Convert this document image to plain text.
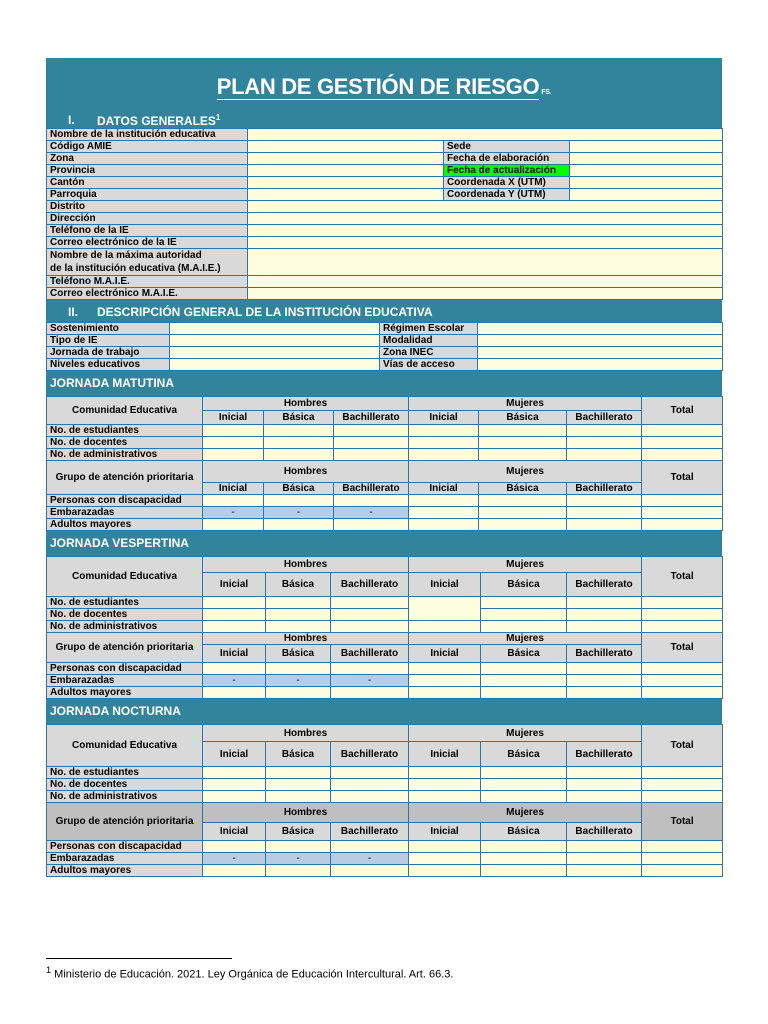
PLAN DE GESTIÓN DE RIESGO FS.
I. DATOS GENERALES$^1$
Nombre de la institución educativa			
Código AMIE		Sede	
Zona		Fecha de elaboración	
Provincia		Fecha de actualización	
Cantón		Coordenada X (UTM)	
Parroquia		Coordenada Y (UTM)	
Distrito			
Dirección			
Teléfono de la IE			
Correo electrónico de la IE			

Nombre de la máxima autoridad
de la institución educativa (M.A.I.E.)			

Teléfono M.A.I.E.			
Correo electrónico M.A.I.E.			
II. DESCRIPCIÓN GENERAL DE LA INSTITUCIÓN EDUCATIVA
Sostenimiento		Régimen Escolar	
Tipo de IE		Modalidad	
Jornada de trabajo		Zona INEC	
Niveles educativos		Vías de acceso	
JORNADA MATUTINA
Comunidad Educativa	Hombres			Mujeres			Total
	Inicial	Básica	Bachillerato	Inicial	Básica	Bachillerato	
No. de estudiantes							
No. de docentes							
No. de administrativos							
Grupo de atención prioritaria	Hombres			Mujeres			Total
	Inicial	Básica	Bachillerato	Inicial	Básica	Bachillerato	
Personas con discapacidad							
Embarazadas	-	-	-				
Adultos mayores							
JORNADA VESPERTINA
Comunidad Educativa	Hombres			Mujeres			Total
	Inicial	Básica	Bachillerato	Inicial	Básica	Bachillerato	
No. de estudiantes							
No. de docentes							
No. de administrativos							
Grupo de atención prioritaria	Hombres			Mujeres			Total
	Inicial	Básica	Bachillerato	Inicial	Básica	Bachillerato	
Personas con discapacidad							
Embarazadas	-	-	-				
Adultos mayores							
JORNADA NOCTURNA
Comunidad Educativa	Hombres			Mujeres			Total
	Inicial	Básica	Bachillerato	Inicial	Básica	Bachillerato	
No. de estudiantes							
No. de docentes							
No. de administrativos							
Grupo de atención prioritaria	Hombres			Mujeres			Total
	Inicial	Básica	Bachillerato	Inicial	Básica	Bachillerato	
Personas con discapacidad							
Embarazadas	-	-	-				
Adultos mayores							
$^1$ Ministerio de Educación. 2021. Ley Orgánica de Educación Intercultural. Art. 66.3.
